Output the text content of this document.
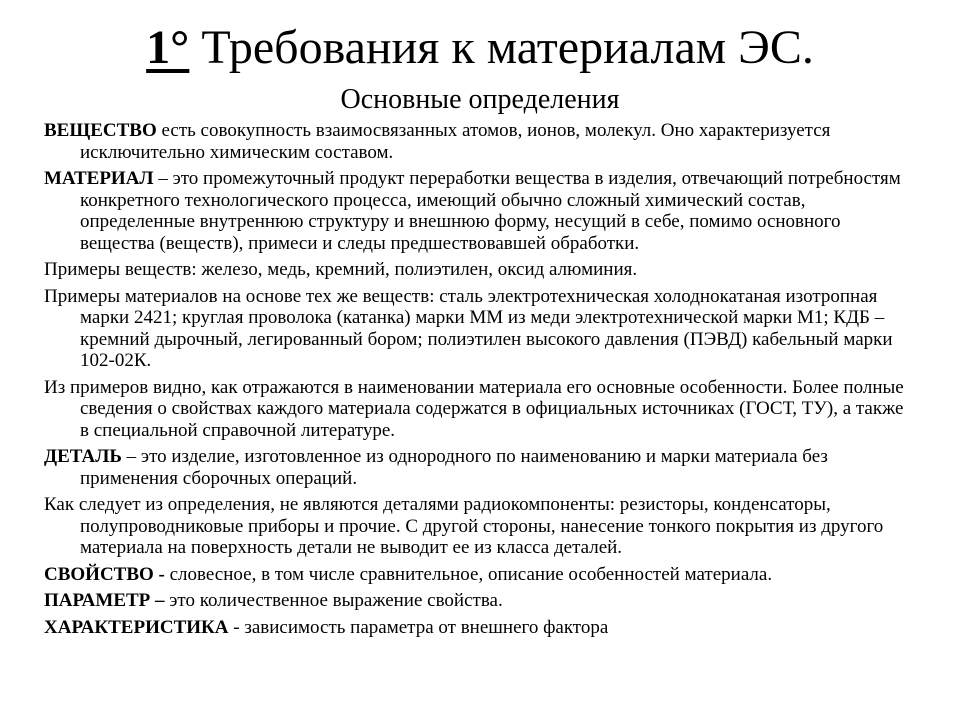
1° Требования к материалам ЭС.
Основные определения

ВЕЩЕСТВО есть совокупность взаимосвязанных атомов, ионов, молекул. Оно характеризуется исключительно химическим составом.

МАТЕРИАЛ – это промежуточный продукт переработки вещества в изделия, отвечающий потребностям конкретного технологического процесса, имеющий обычно сложный химический состав, определенные внутреннюю структуру и внешнюю форму, несущий в себе, помимо основного вещества (веществ), примеси и следы предшествовавшей обработки.

Примеры веществ: железо, медь, кремний, полиэтилен, оксид алюминия.

Примеры материалов на основе тех же веществ: сталь электротехническая холоднокатаная изотропная марки 2421; круглая проволока (катанка) марки ММ из меди электротехнической марки М1; КДБ – кремний дырочный, легированный бором; полиэтилен высокого давления (ПЭВД) кабельный марки 102-02К.

Из примеров видно, как отражаются в наименовании материала его основные особенности. Более полные сведения о свойствах каждого материала содержатся в официальных источниках (ГОСТ, ТУ), а также в специальной справочной литературе.

ДЕТАЛЬ – это изделие, изготовленное из однородного по наименованию и марки материала без применения сборочных операций.

Как следует из определения, не являются деталями радиокомпоненты: резисторы, конденсаторы, полупроводниковые приборы и прочие. С другой стороны, нанесение тонкого покрытия из другого материала на поверхность детали не выводит ее из класса деталей.

СВОЙСТВО - словесное, в том числе сравнительное, описание особенностей материала.

ПАРАМЕТР – это количественное выражение свойства.

ХАРАКТЕРИСТИКА - зависимость параметра от внешнего фактора
